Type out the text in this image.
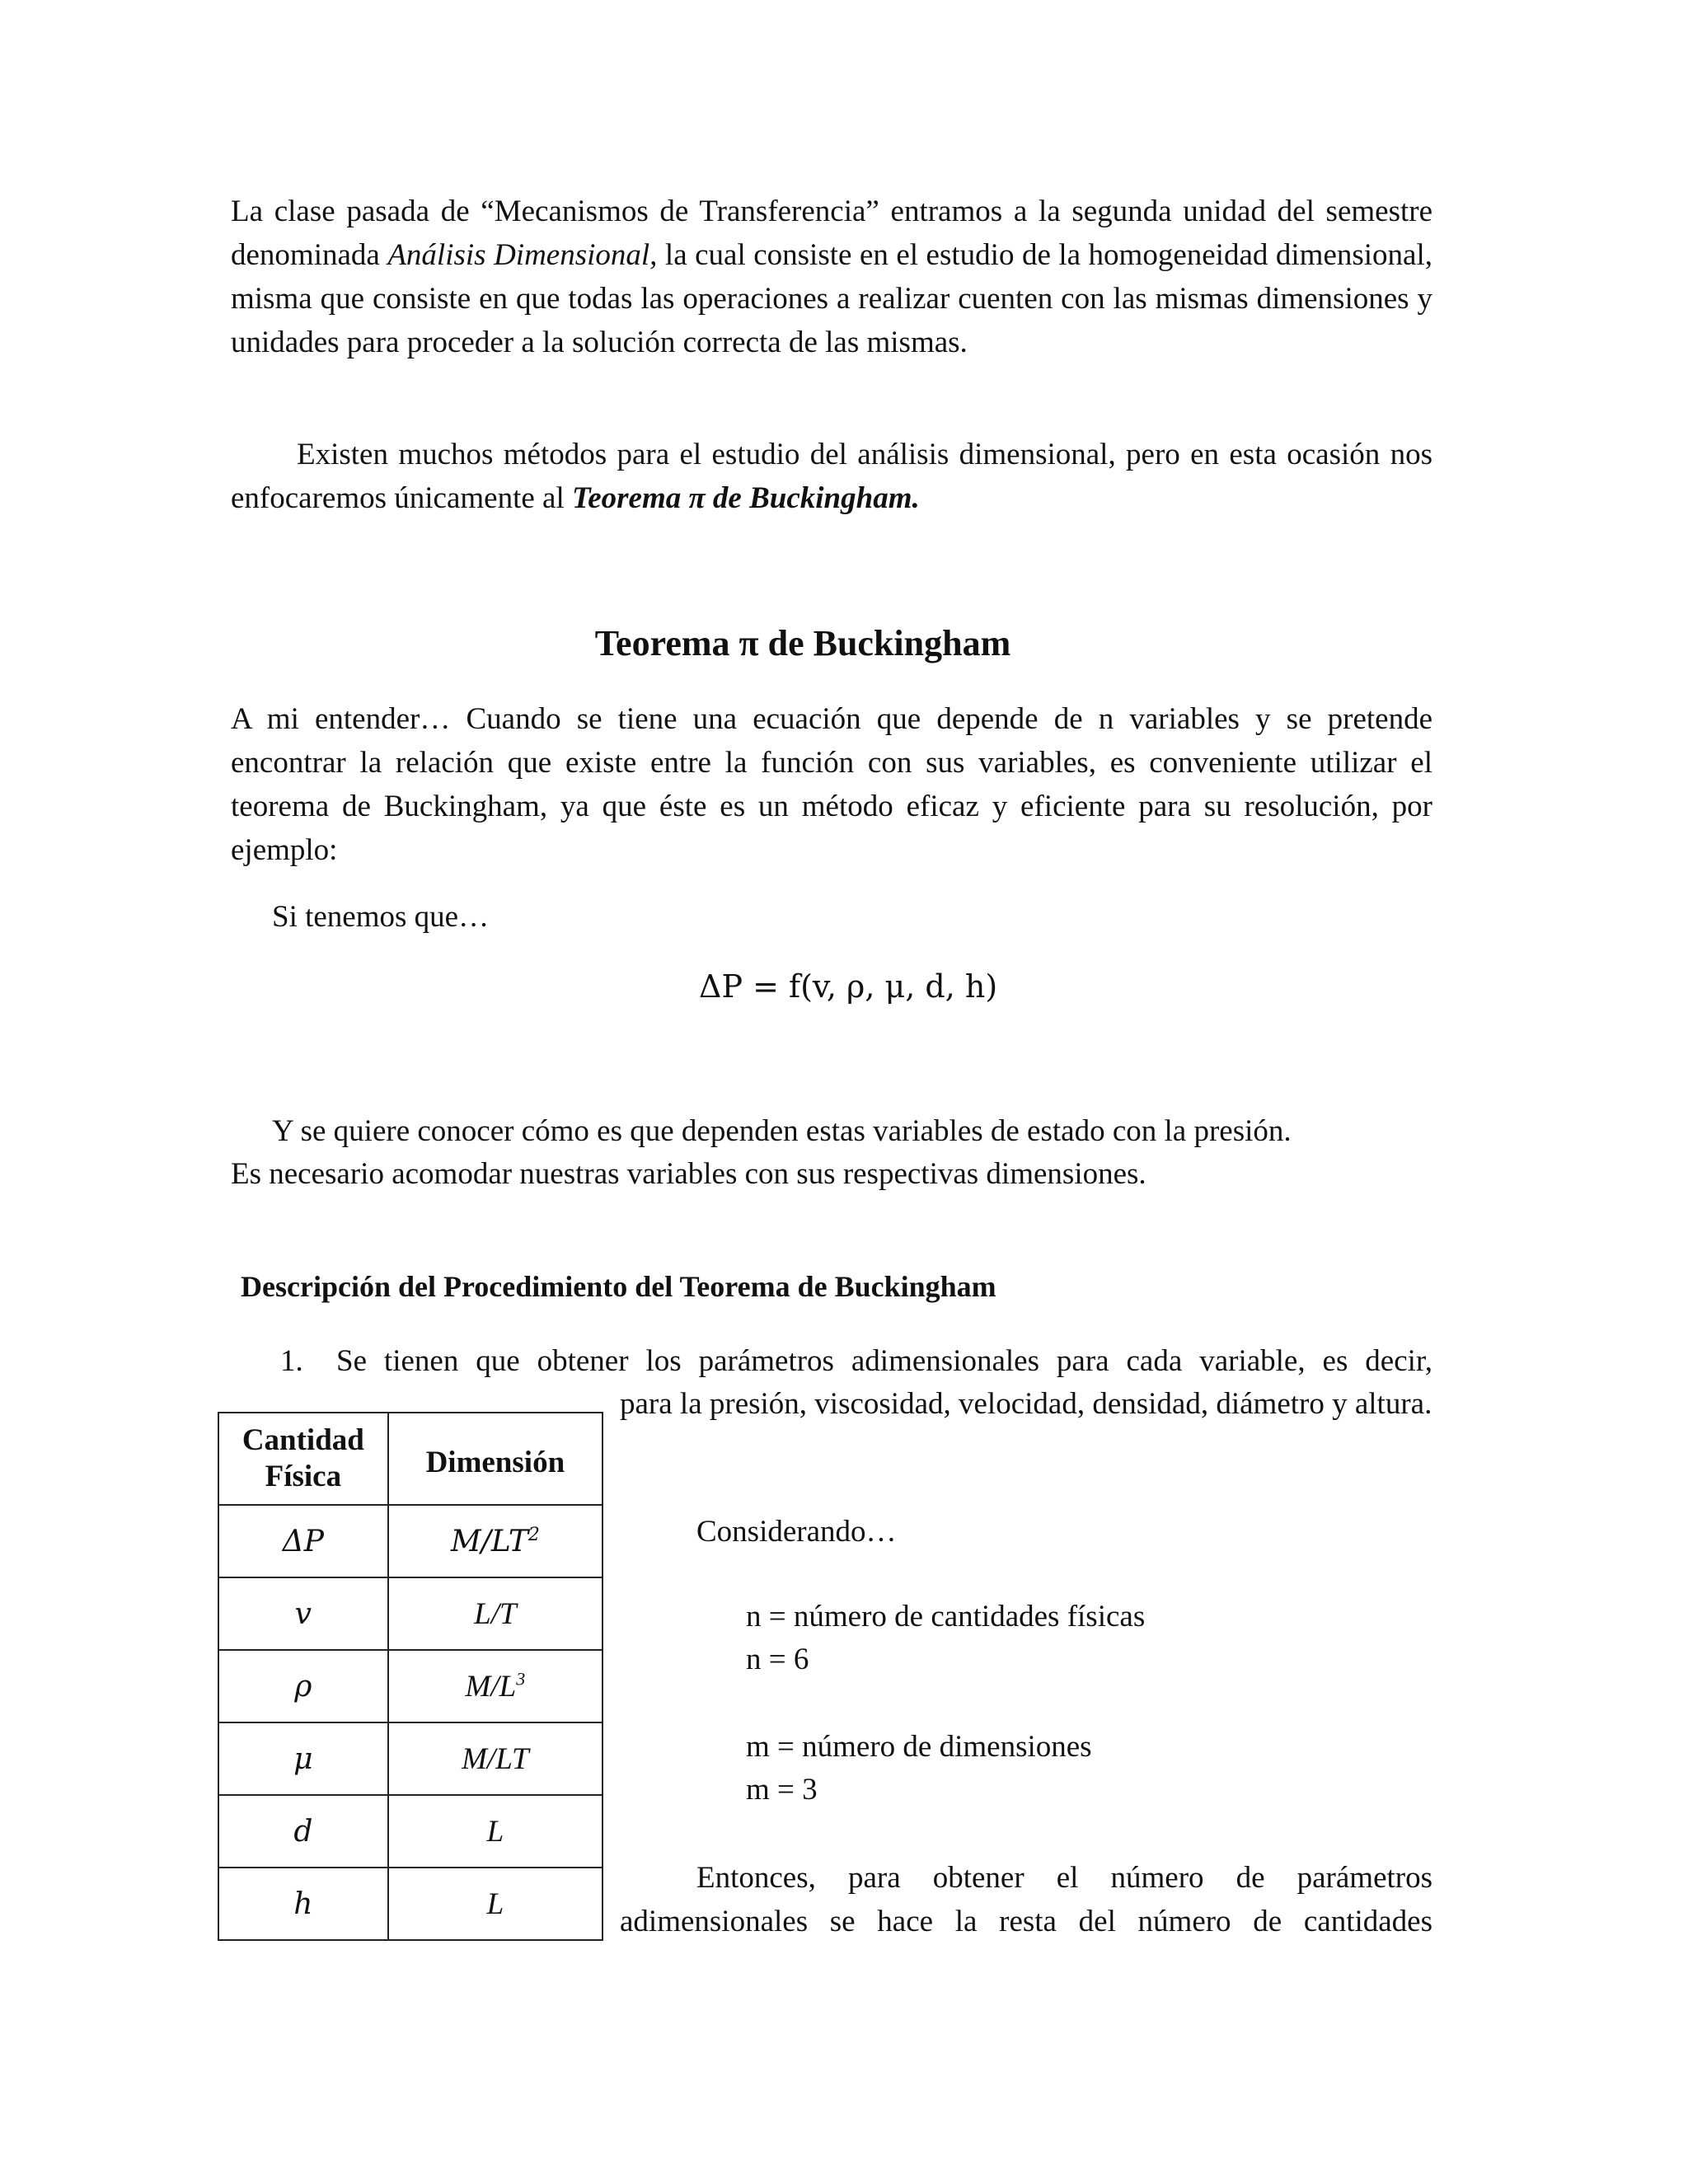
La clase pasada de “Mecanismos de Transferencia” entramos a la segunda unidad del semestre denominada Análisis Dimensional, la cual consiste en el estudio de la homogeneidad dimensional, misma que consiste en que todas las operaciones a realizar cuenten con las mismas dimensiones y unidades para proceder a la solución correcta de las mismas.
Existen muchos métodos para el estudio del análisis dimensional, pero en esta ocasión nos enfocaremos únicamente al Teorema π de Buckingham.
Teorema π de Buckingham
A mi entender… Cuando se tiene una ecuación que depende de n variables y se pretende encontrar la relación que existe entre la función con sus variables, es conveniente utilizar el teorema de Buckingham, ya que éste es un método eficaz y eficiente para su resolución, por ejemplo:
Si tenemos que…
ΔP = f(v, ρ, μ, d, h)
Y se quiere conocer cómo es que dependen estas variables de estado con la presión.
Es necesario acomodar nuestras variables con sus respectivas dimensiones.
Descripción del Procedimiento del Teorema de Buckingham
1. Se tienen que obtener los parámetros adimensionales para cada variable, es decir,
para la presión, viscosidad, velocidad, densidad, diámetro y altura.
Cantidad
Física	Dimensión
ΔP	$M/LT^2$
v	L/T
ρ	$M/L^3$
μ	M/LT
d	L
h	L
Considerando…
n = número de cantidades físicas
n = 6
m = número de dimensiones
m = 3
Entonces, para obtener el número de parámetros adimensionales se hace la resta del número de cantidades
